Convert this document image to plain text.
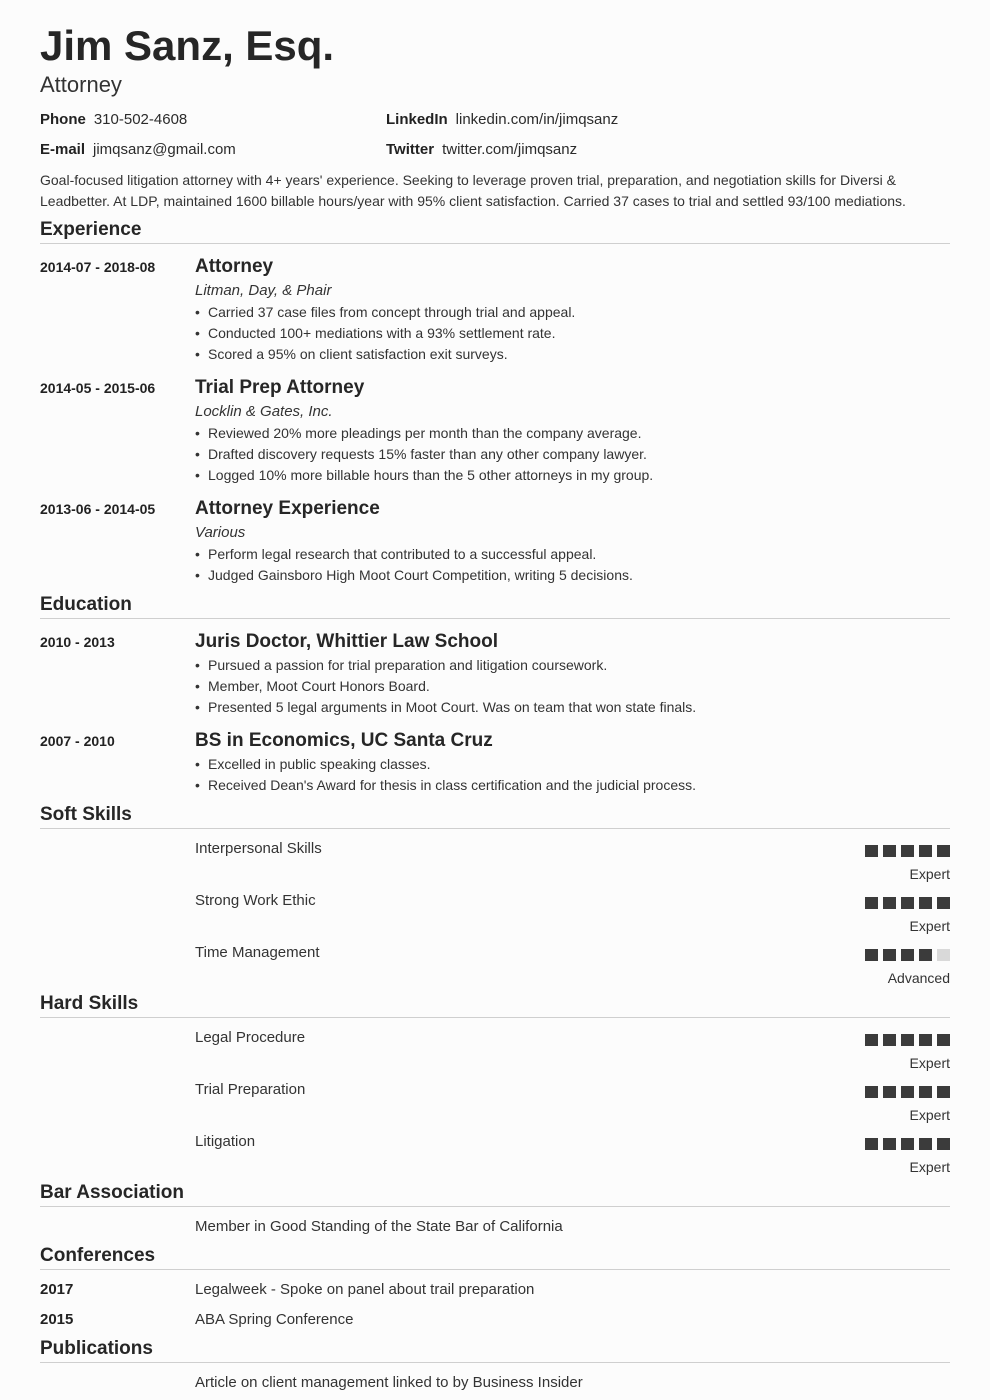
Jim Sanz, Esq.
Attorney
Phone 310-502-4608	LinkedIn linkedin.com/in/jimqsanz
E-mail jimqsanz@gmail.com	Twitter twitter.com/jimqsanz
Goal-focused litigation attorney with 4+ years' experience. Seeking to leverage proven trial, preparation, and negotiation skills for Diversi & Leadbetter. At LDP, maintained 1600 billable hours/year with 95% client satisfaction. Carried 37 cases to trial and settled 93/100 mediations.
Experience
2014-07 - 2018-08 Attorney
Litman, Day, & Phair
• Carried 37 case files from concept through trial and appeal.
• Conducted 100+ mediations with a 93% settlement rate.
• Scored a 95% on client satisfaction exit surveys.
2014-05 - 2015-06 Trial Prep Attorney
Locklin & Gates, Inc.
• Reviewed 20% more pleadings per month than the company average.
• Drafted discovery requests 15% faster than any other company lawyer.
• Logged 10% more billable hours than the 5 other attorneys in my group.
2013-06 - 2014-05 Attorney Experience
Various
• Perform legal research that contributed to a successful appeal.
• Judged Gainsboro High Moot Court Competition, writing 5 decisions.
Education
2010 - 2013	Juris Doctor, Whittier Law School
• Pursued a passion for trial preparation and litigation coursework.
• Member, Moot Court Honors Board.
• Presented 5 legal arguments in Moot Court. Was on team that won state finals.
2007 - 2010	BS in Economics, UC Santa Cruz
• Excelled in public speaking classes.
• Received Dean's Award for thesis in class certification and the judicial process.
Soft Skills
Interpersonal Skills
Expert
Strong Work Ethic
Expert
Time Management
Advanced
Hard Skills
Legal Procedure
Expert
Trial Preparation
Expert
Litigation
Expert
Bar Association
Member in Good Standing of the State Bar of California
Conferences
2017	Legalweek - Spoke on panel about trail preparation
2015	ABA Spring Conference
Publications
Article on client management linked to by Business Insider
